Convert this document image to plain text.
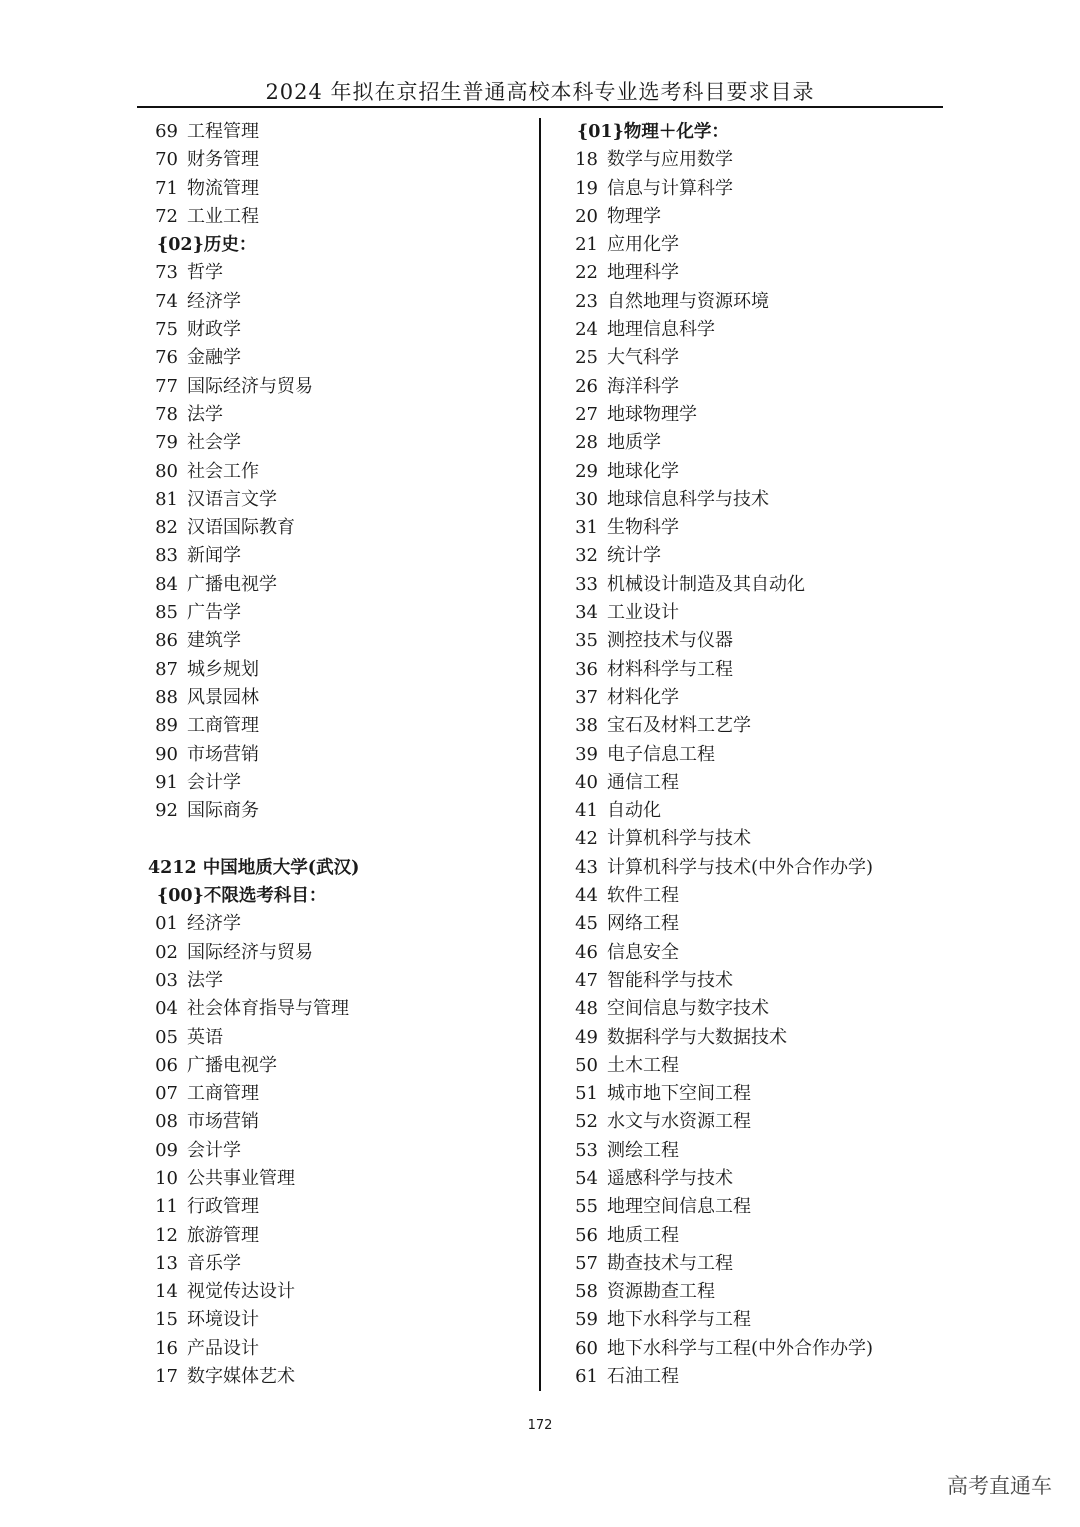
2024 年拟在京招生普通高校本科专业选考科目要求目录
69 工程管理
70 财务管理
71 物流管理
72 工业工程
{02}历史：
73 哲学
74 经济学
75 财政学
76 金融学
77 国际经济与贸易
78 法学
79 社会学
80 社会工作
81 汉语言文学
82 汉语国际教育
83 新闻学
84 广播电视学
85 广告学
86 建筑学
87 城乡规划
88 风景园林
89 工商管理
90 市场营销
91 会计学
92 国际商务
4212 中国地质大学(武汉)
{00}不限选考科目：
01 经济学
02 国际经济与贸易
03 法学
04 社会体育指导与管理
05 英语
06 广播电视学
07 工商管理
08 市场营销
09 会计学
10 公共事业管理
11 行政管理
12 旅游管理
13 音乐学
14 视觉传达设计
15 环境设计
16 产品设计
17 数字媒体艺术
{01}物理＋化学：
18 数学与应用数学
19 信息与计算科学
20 物理学
21 应用化学
22 地理科学
23 自然地理与资源环境
24 地理信息科学
25 大气科学
26 海洋科学
27 地球物理学
28 地质学
29 地球化学
30 地球信息科学与技术
31 生物科学
32 统计学
33 机械设计制造及其自动化
34 工业设计
35 测控技术与仪器
36 材料科学与工程
37 材料化学
38 宝石及材料工艺学
39 电子信息工程
40 通信工程
41 自动化
42 计算机科学与技术
43 计算机科学与技术(中外合作办学)
44 软件工程
45 网络工程
46 信息安全
47 智能科学与技术
48 空间信息与数字技术
49 数据科学与大数据技术
50 土木工程
51 城市地下空间工程
52 水文与水资源工程
53 测绘工程
54 遥感科学与技术
55 地理空间信息工程
56 地质工程
57 勘查技术与工程
58 资源勘查工程
59 地下水科学与工程
60 地下水科学与工程(中外合作办学)
61 石油工程
172
高考直通车
